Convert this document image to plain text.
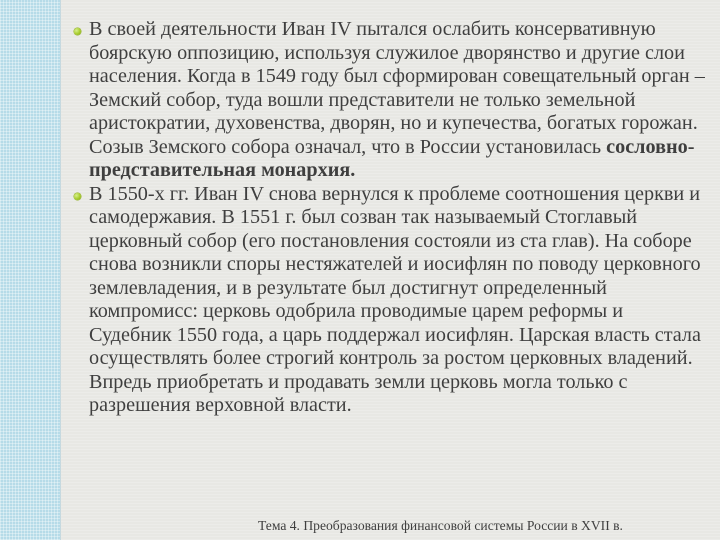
В своей деятельности Иван IV пытался ослабить консервативную боярскую оппозицию, используя служилое дворянство и другие слои населения. Когда в 1549 году был сформирован совещательный орган – Земский собор, туда вошли представители не только земельной аристократии, духовенства, дворян, но и купечества, богатых горожан. Созыв Земского собора означал, что в России установилась сословно-представительная монархия.

В 1550-х гг. Иван IV снова вернулся к проблеме соотношения церкви и самодержавия. В 1551 г. был созван так называемый Стоглавый церковный собор (его постановления состояли из ста глав). На соборе снова возникли споры нестяжателей и иосифлян по поводу церковного землевладения, и в результате был достигнут определенный компромисс: церковь одобрила проводимые царем реформы и Судебник 1550 года, а царь поддержал иосифлян. Царская власть стала осуществлять более строгий контроль за ростом церковных владений. Впредь приобретать и продавать земли церковь могла только с разрешения верховной власти.

Тема 4. Преобразования финансовой системы России в XVII в.
